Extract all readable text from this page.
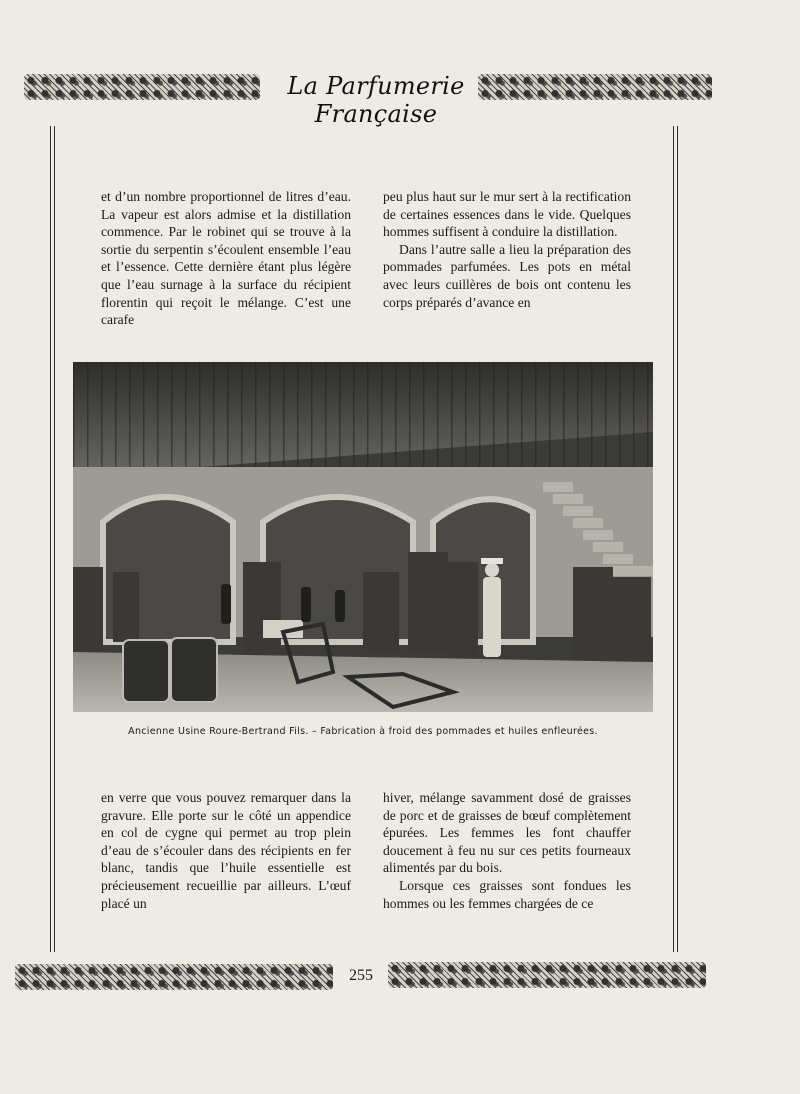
La Parfumerie Française

et d’un nombre proportionnel de litres d’eau. La vapeur est alors admise et la distillation commence. Par le robinet qui se trouve à la sortie du serpentin s’écoulent ensemble l’eau et l’essence. Cette dernière étant plus légère que l’eau surnage à la surface du récipient florentin qui reçoit le mélange. C’est une carafe

peu plus haut sur le mur sert à la rectification de certaines essences dans le vide. Quelques hommes suffisent à conduire la distillation.

Dans l’autre salle a lieu la préparation des pommades parfumées. Les pots en métal avec leurs cuillères de bois ont contenu les corps préparés d’avance en

Ancienne Usine Roure-Bertrand Fils. – Fabrication à froid des pommades et huiles enfleurées.

en verre que vous pouvez remarquer dans la gravure. Elle porte sur le côté un appendice en col de cygne qui permet au trop plein d’eau de s’écouler dans des récipients en fer blanc, tandis que l’huile essentielle est précieusement recueillie par ailleurs. L’œuf placé un

hiver, mélange savamment dosé de graisses de porc et de graisses de bœuf complètement épurées. Les femmes les font chauffer doucement à feu nu sur ces petits fourneaux alimentés par du bois.

Lorsque ces graisses sont fondues les hommes ou les femmes chargées de ce

255
